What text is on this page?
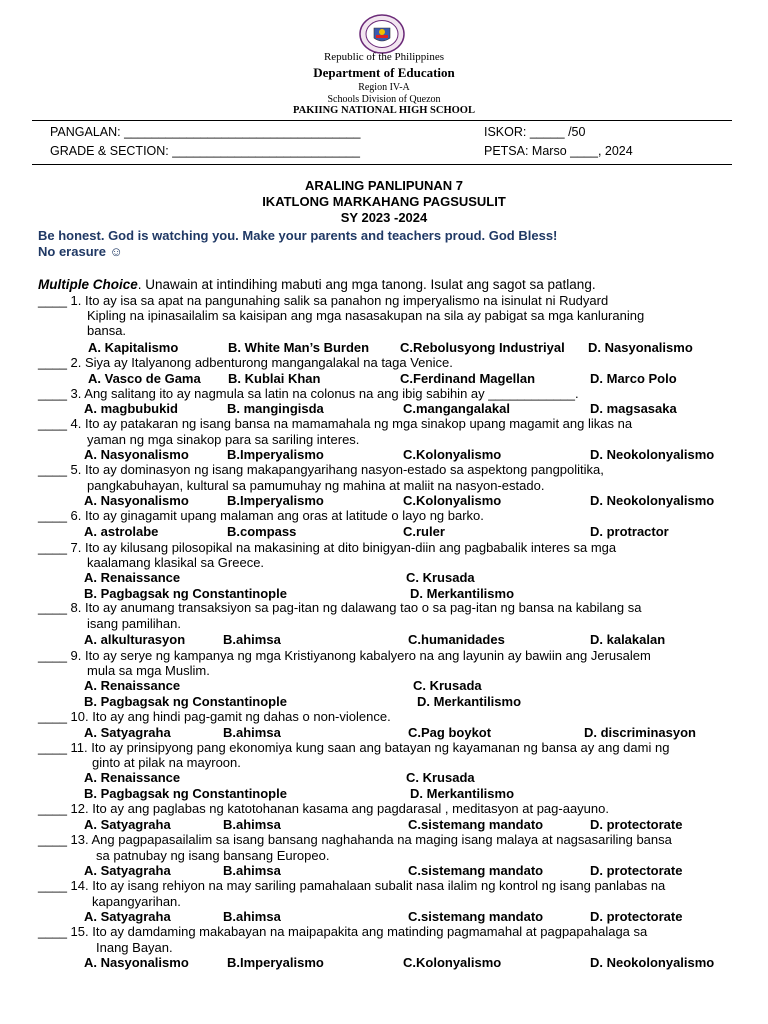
Republic of the Philippines
Department of Education
Region IV-A
Schools Division of Quezon
PAKIING NATIONAL HIGH SCHOOL
PANGALAN: __________________________________	ISKOR: _____ /50
GRADE & SECTION: ___________________________	PETSA: Marso ____, 2024
ARALING PANLIPUNAN 7
IKATLONG MARKAHANG PAGSUSULIT
SY 2023 -2024
Be honest. God is watching you. Make your parents and teachers proud. God Bless!
No erasure ☺
Multiple Choice. Unawain at intindihing mabuti ang mga tanong. Isulat ang sagot sa patlang.
____ 1. Ito ay isa sa apat na pangunahing salik sa panahon ng imperyalismo na isinulat ni Rudyard
Kipling na ipinasailalim sa kaisipan ang mga nasasakupan na sila ay pabigat sa mga kanluraning
bansa.
A. Kapitalismo	B. White Man’s Burden C.Rebolusyong Industriyal D. Nasyonalismo
____ 2. Siya ay Italyanong adbenturong mangangalakal na taga Venice.
A. Vasco de Gama B. Kublai Khan	C.Ferdinand Magellan	D. Marco Polo
____ 3. Ang salitang ito ay nagmula sa latin na colonus na ang ibig sabihin ay ____________.
A. magbubukid	B. mangingisda	C.mangangalakal	D. magsasaka
____ 4. Ito ay patakaran ng isang bansa na mamamahala ng mga sinakop upang magamit ang likas na
yaman ng mga sinakop para sa sariling interes.
A. Nasyonalismo	B.Imperyalismo	C.Kolonyalismo	D. Neokolonyalismo
____ 5. Ito ay dominasyon ng isang makapangyarihang nasyon-estado sa aspektong pangpolitika,
pangkabuhayan, kultural sa pamumuhay ng mahina at maliit na nasyon-estado.
A. Nasyonalismo	B.Imperyalismo	C.Kolonyalismo	D. Neokolonyalismo
____ 6. Ito ay ginagamit upang malaman ang oras at latitude o layo ng barko.
A. astrolabe	B.compass	C.ruler	D. protractor
____ 7. Ito ay kilusang pilosopikal na makasining at dito binigyan-diin ang pagbabalik interes sa mga
kaalamang klasikal sa Greece.
A. Renaissance	C. Krusada
B. Pagbagsak ng Constantinople	D. Merkantilismo
____ 8. Ito ay anumang transaksiyon sa pag-itan ng dalawang tao o sa pag-itan ng bansa na kabilang sa
isang pamilihan.
A. alkulturasyon	B.ahimsa	C.humanidades	D. kalakalan
____ 9. Ito ay serye ng kampanya ng mga Kristiyanong kabalyero na ang layunin ay bawiin ang Jerusalem
mula sa mga Muslim.
A. Renaissance	C. Krusada
B. Pagbagsak ng Constantinople	D. Merkantilismo
____ 10. Ito ay ang hindi pag-gamit ng dahas o non-violence.
A. Satyagraha	B.ahimsa	C.Pag boykot	D. discriminasyon
____ 11. Ito ay prinsipyong pang ekonomiya kung saan ang batayan ng kayamanan ng bansa ay ang dami ng
ginto at pilak na mayroon.
A. Renaissance	C. Krusada
B. Pagbagsak ng Constantinople	D. Merkantilismo
____ 12. Ito ay ang paglabas ng katotohanan kasama ang pagdarasal , meditasyon at pag-aayuno.
A. Satyagraha	B.ahimsa	C.sistemang mandato	D. protectorate
____ 13. Ang pagpapasailalim sa isang bansang naghahanda na maging isang malaya at nagsasariling bansa
sa patnubay ng isang bansang Europeo.
A. Satyagraha	B.ahimsa	C.sistemang mandato	D. protectorate
____ 14. Ito ay isang rehiyon na may sariling pamahalaan subalit nasa ilalim ng kontrol ng isang panlabas na
kapangyarihan.
A. Satyagraha	B.ahimsa	C.sistemang mandato	D. protectorate
____ 15. Ito ay damdaming makabayan na maipapakita ang matinding pagmamahal at pagpapahalaga sa
Inang Bayan.
A. Nasyonalismo	B.Imperyalismo	C.Kolonyalismo	D. Neokolonyalismo
